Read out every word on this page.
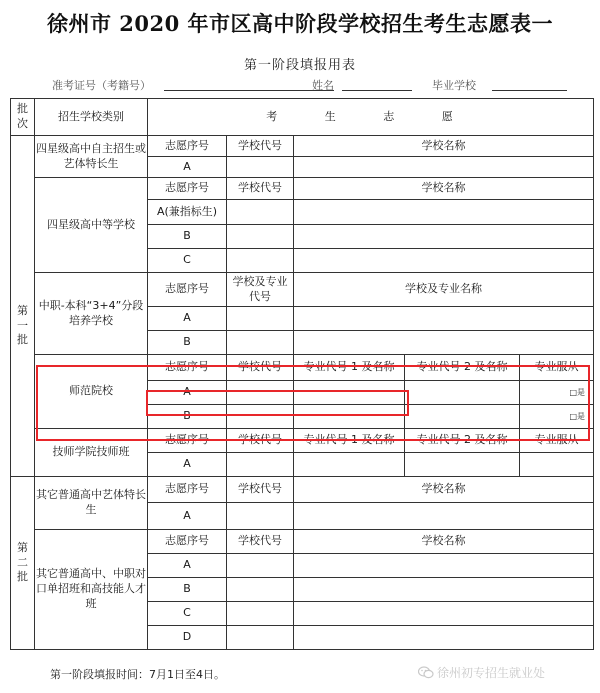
徐州市 2020 年市区高中阶段学校招生考生志愿表一
第一阶段填报用表
准考证号（考籍号）	姓名	毕业学校
批次	招生学校类别	考 生 志 愿				
第一批	四星级高中自主招生或艺体特长生	志愿序号	学校代号	学校名称		
		A				
	四星级高中等学校	志愿序号	学校代号	学校名称		
		A(兼指标生)				
		B				
		C				
	中职-本科“3+4”分段培养学校	志愿序号	学校及专业代号	学校及专业名称		
		A				
		B				
	师范院校	志愿序号	学校代号	专业代号 1 及名称	专业代号 2 及名称	专业服从
		A				□是
		B				□是
	技师学院技师班	志愿序号	学校代号	专业代号 1 及名称	专业代号 2 及名称	专业服从
		A				
第二批	其它普通高中艺体特长生	志愿序号	学校代号	学校名称		
		A				
	其它普通高中、中职对口单招班和高技能人才班	志愿序号	学校代号	学校名称		
		A				
		B				
		C				
		D				
第一阶段填报时间：7月1日至4日。	徐州初专招生就业处
